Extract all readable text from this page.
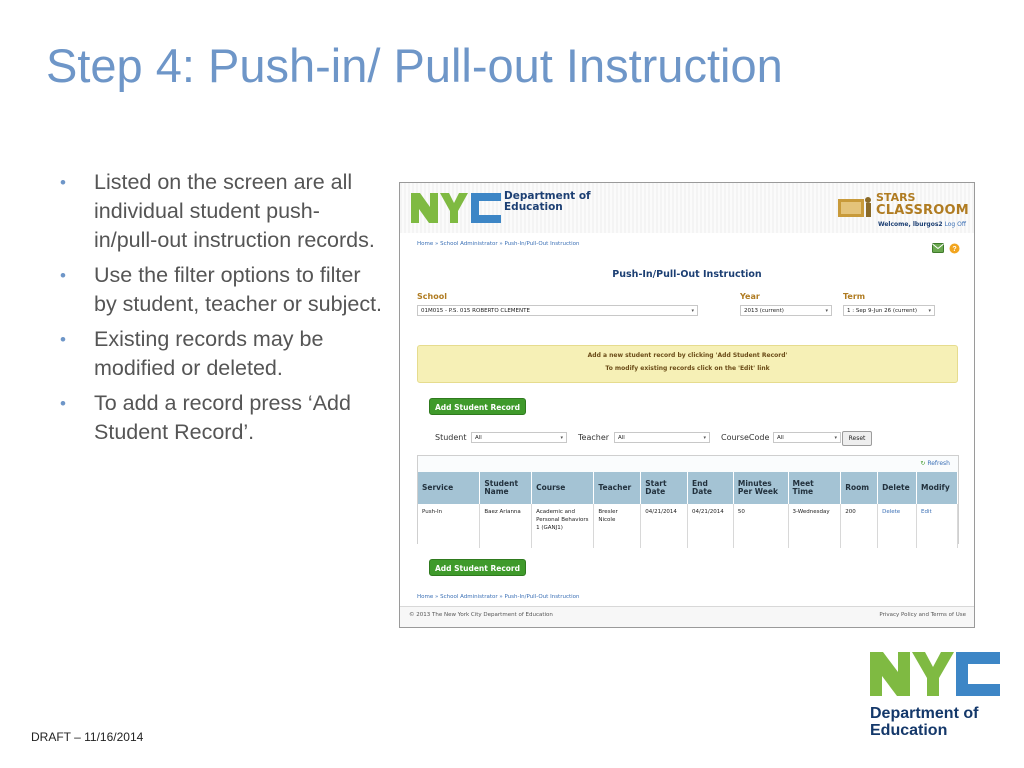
Step 4: Push-in/ Pull-out Instruction
• Listed on the screen are all individual student push-in/pull-out instruction records.
• Use the filter options to filter by student, teacher or subject.
• Existing records may be modified or deleted.
• To add a record press ‘Add Student Record’.
Department of
Education
STARS
CLASSROOM
Welcome, lburgos2 Log Off
Home » School Administrator » Push-In/Pull-Out Instruction
?
Push-In/Pull-Out Instruction
School
01M015 - P.S. 015 ROBERTO CLEMENTE	▾
Year
2013 (current)	▾
Term
1 : Sep 9-Jun 26 (current) ▾
Add a new student record by clicking 'Add Student Record'
To modify existing records click on the 'Edit' link
Add Student Record
Student	All	▾ Teacher	All	▾ CourseCode	All	▾	Reset
↻ Refresh
Service	Student Name	Course	Teacher	Start Date	End Date	Minutes Per Week	Meet Time	Room	Delete	Modify
Push-In	Baez Arianna	Academic and Personal Behaviors 1 (GANJ1)	Bresler Nicole	04/21/2014	04/21/2014	50	3-Wednesday	200	Delete	Edit
Add Student Record
Home » School Administrator » Push-In/Pull-Out Instruction
© 2013 The New York City Department of Education	Privacy Policy and Terms of Use
DRAFT – 11/16/2014
Department of
Education
